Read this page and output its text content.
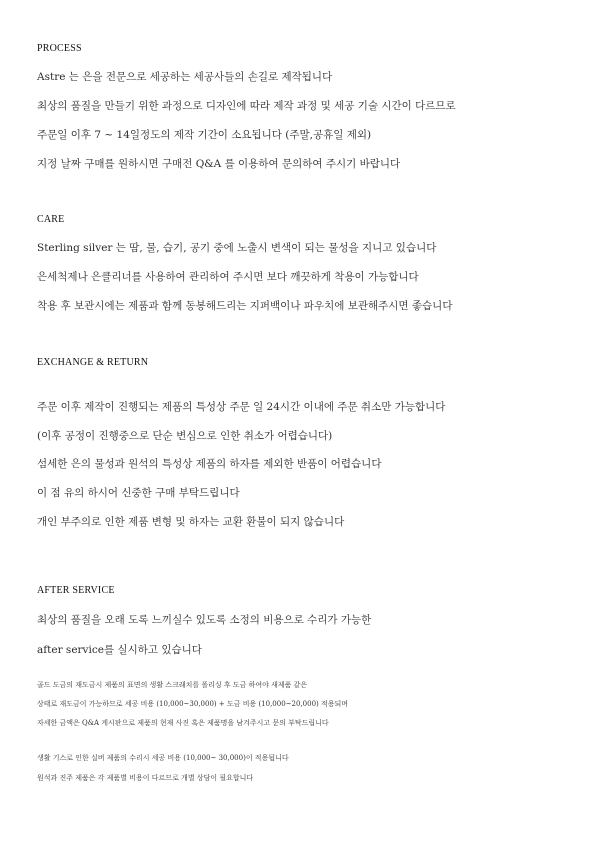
PROCESS
Astre 는 은을 전문으로 세공하는 세공사들의 손길로 제작됩니다
최상의 품질을 만들기 위한 과정으로 디자인에 따라 제작 과정 및 세공 기술 시간이 다르므로
주문일 이후 7 ~ 14일정도의 제작 기간이 소요됩니다 (주말,공휴일 제외)
지정 날짜 구매를 원하시면 구매전 Q&A 를 이용하여 문의하여 주시기 바랍니다
CARE
Sterling silver 는 땀, 물, 습기, 공기 중에 노출시 변색이 되는 물성을 지니고 있습니다
은세척제나 은클리너를 사용하여 관리하여 주시면 보다 깨끗하게 착용이 가능합니다
착용 후 보관시에는 제품과 함께 동봉해드리는 지퍼백이나 파우치에 보관해주시면 좋습니다
EXCHANGE & RETURN
주문 이후 제작이 진행되는 제품의 특성상 주문 일 24시간 이내에 주문 취소만 가능합니다
(이후 공정이 진행중으로 단순 변심으로 인한 취소가 어렵습니다)
섬세한 은의 물성과 원석의 특성상 제품의 하자를 제외한 반품이 어렵습니다
이 점 유의 하시어 신중한 구매 부탁드립니다
개인 부주의로 인한 제품 변형 및 하자는 교환 환불이 되지 않습니다
AFTER SERVICE
최상의 품질을 오래 도록 느끼실수 있도록 소정의 비용으로 수리가 가능한
after service를 실시하고 있습니다
골드 도금의 재도금시 제품의 표면의 생활 스크래치를 폴리싱 후 도금 하여야 새제품 같은
상태로 재도금이 가능하므로 세공 비용 (10,000~30,000) + 도금 비용 (10,000~20,000) 적용되며
자세한 금액은 Q&A 게시판으로 제품의 현재 사진 혹은 제품명을 남겨주시고 문의 부탁드립니다
생활 기스로 인한 실버 제품의 수리시 세공 비용 (10,000~ 30,000)이 적용됩니다
원석과 진주 제품은 각 제품별 비용이 다르므로 개별 상담이 필요합니다
